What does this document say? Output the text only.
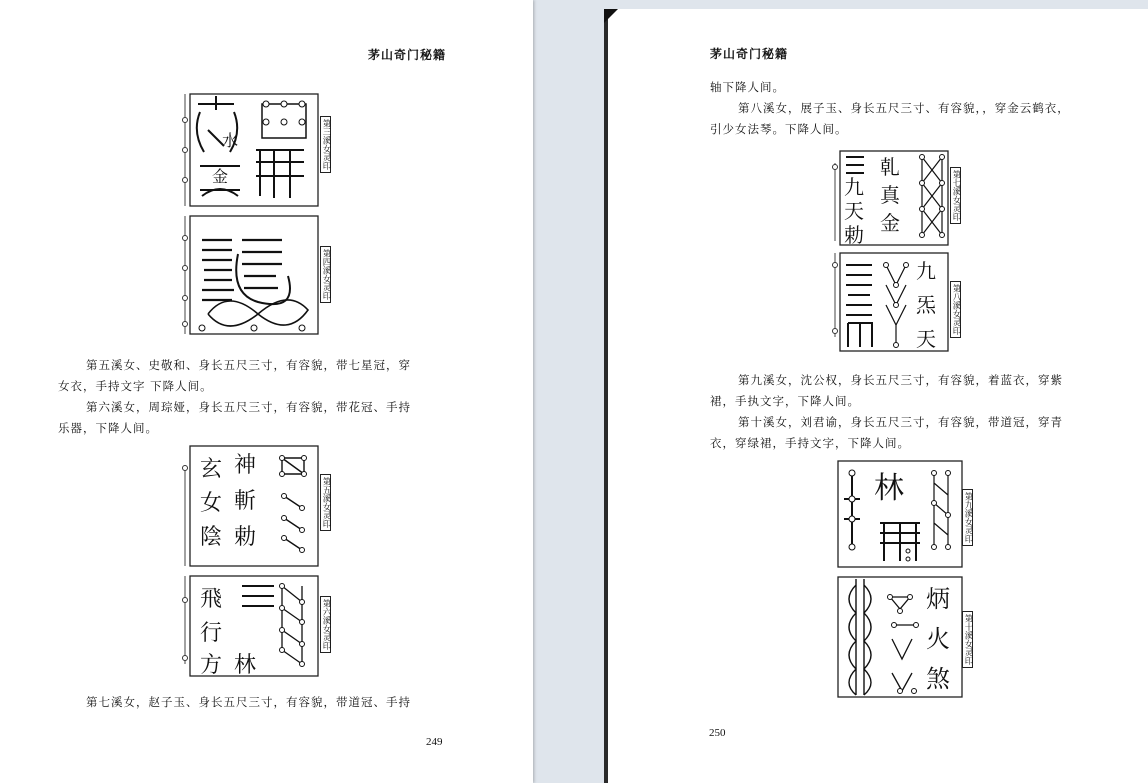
茅山奇门秘籍
水
金
第三溪女灵印
第四溪女灵印
第五溪女、史敬和、身长五尺三寸，有容貌，带七星冠，穿
女衣，手持文字 下降人间。
第六溪女，周琮娅，身长五尺三寸，有容貌，带花冠、手持
乐器，下降人间。
神
玄
斬
女
勅
陰
第五溪女灵印
飛
行
方 林
第六溪女灵印
第七溪女，赵子玉、身长五尺三寸，有容貌，带道冠、手持
249
茅山奇门秘籍
轴下降人间。
第八溪女，展子玉、身长五尺三寸、有容貌，，穿金云鹤衣，
引少女法琴。下降人间。
乹
真
金
九
天
勅
第七溪女灵印
九
炁
天
第八溪女灵印
第九溪女，沈公权，身长五尺三寸，有容貌，着蓝衣，穿紫
裙，手执文字，下降人间。
第十溪女，刘君谕，身长五尺三寸，有容貌，带道冠，穿青
衣，穿绿裙，手持文字，下降人间。
林
第九溪女灵印
炳
火
煞
第十溪女灵印
250
